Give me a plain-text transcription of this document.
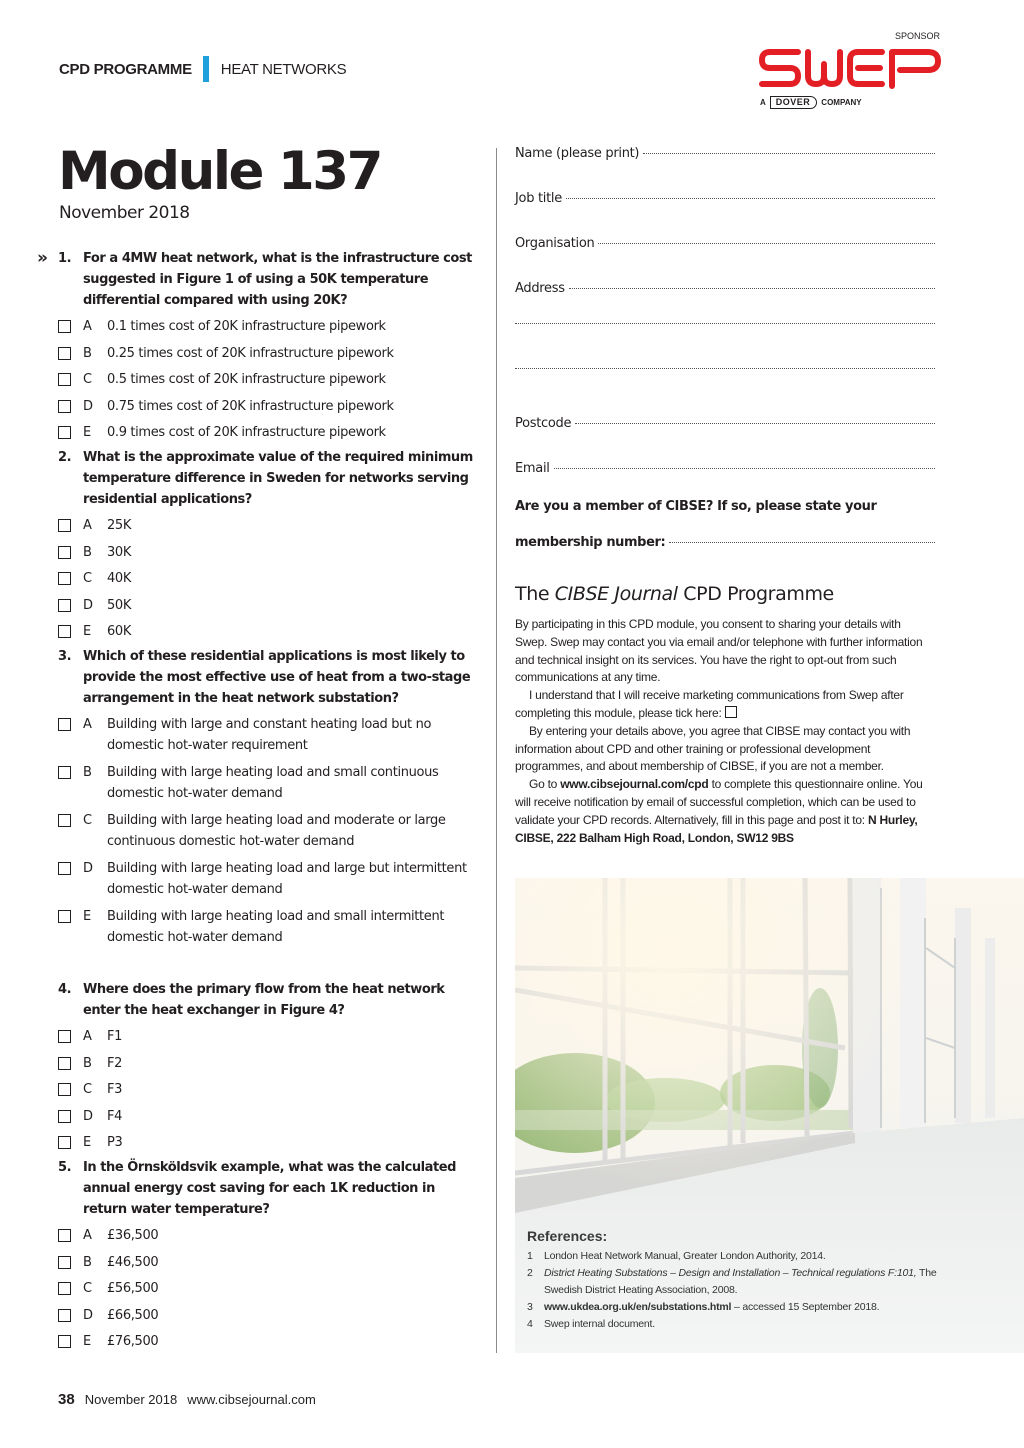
CPD PROGRAMME HEAT NETWORKS
SPONSOR
A	DOVER	COMPANY
Module 137
November 2018
» 1. For a 4MW heat network, what is the infrastructure cost suggested in Figure 1 of using a 50K temperature differential compared with using 20K?
A 0.1 times cost of 20K infrastructure pipework
B 0.25 times cost of 20K infrastructure pipework
C 0.5 times cost of 20K infrastructure pipework
D 0.75 times cost of 20K infrastructure pipework
E 0.9 times cost of 20K infrastructure pipework
2. What is the approximate value of the required minimum temperature difference in Sweden for networks serving residential applications?
A 25K
B 30K
C 40K
D 50K
E 60K
3. Which of these residential applications is most likely to provide the most effective use of heat from a two-stage arrangement in the heat network substation?
A Building with large and constant heating load but no domestic hot-water requirement
B Building with large heating load and small continuous domestic hot-water demand
C Building with large heating load and moderate or large continuous domestic hot-water demand
D Building with large heating load and large but intermittent domestic hot-water demand
E Building with large heating load and small intermittent domestic hot-water demand
4. Where does the primary flow from the heat network enter the heat exchanger in Figure 4?
A F1
B F2
C F3
D F4
E P3
5. In the Örnsköldsvik example, what was the calculated annual energy cost saving for each 1K reduction in return water temperature?
A £36,500
B £46,500
C £56,500
D £66,500
E £76,500
Name (please print)
Job title
Organisation
Address
Postcode
Email
Are you a member of CIBSE? If so, please state your
membership number:
The CIBSE Journal CPD Programme

By participating in this CPD module, you consent to sharing your details with Swep. Swep may contact you via email and/or telephone with further information and technical insight on its services. You have the right to opt-out from such communications at any time.

I understand that I will receive marketing communications from Swep after completing this module, please tick here:

By entering your details above, you agree that CIBSE may contact you with information about CPD and other training or professional development programmes, and about membership of CIBSE, if you are not a member.

Go to www.cibsejournal.com/cpd to complete this questionnaire online. You will receive notification by email of successful completion, which can be used to validate your CPD records. Alternatively, fill in this page and post it to: N Hurley, CIBSE, 222 Balham High Road, London, SW12 9BS

References:
1 London Heat Network Manual, Greater London Authority, 2014.
2 District Heating Substations – Design and Installation – Technical regulations F:101, The Swedish District Heating Association, 2008.
3 www.ukdea.org.uk/en/substations.html – accessed 15 September 2018.
4 Swep internal document.
38 November 2018 www.cibsejournal.com
